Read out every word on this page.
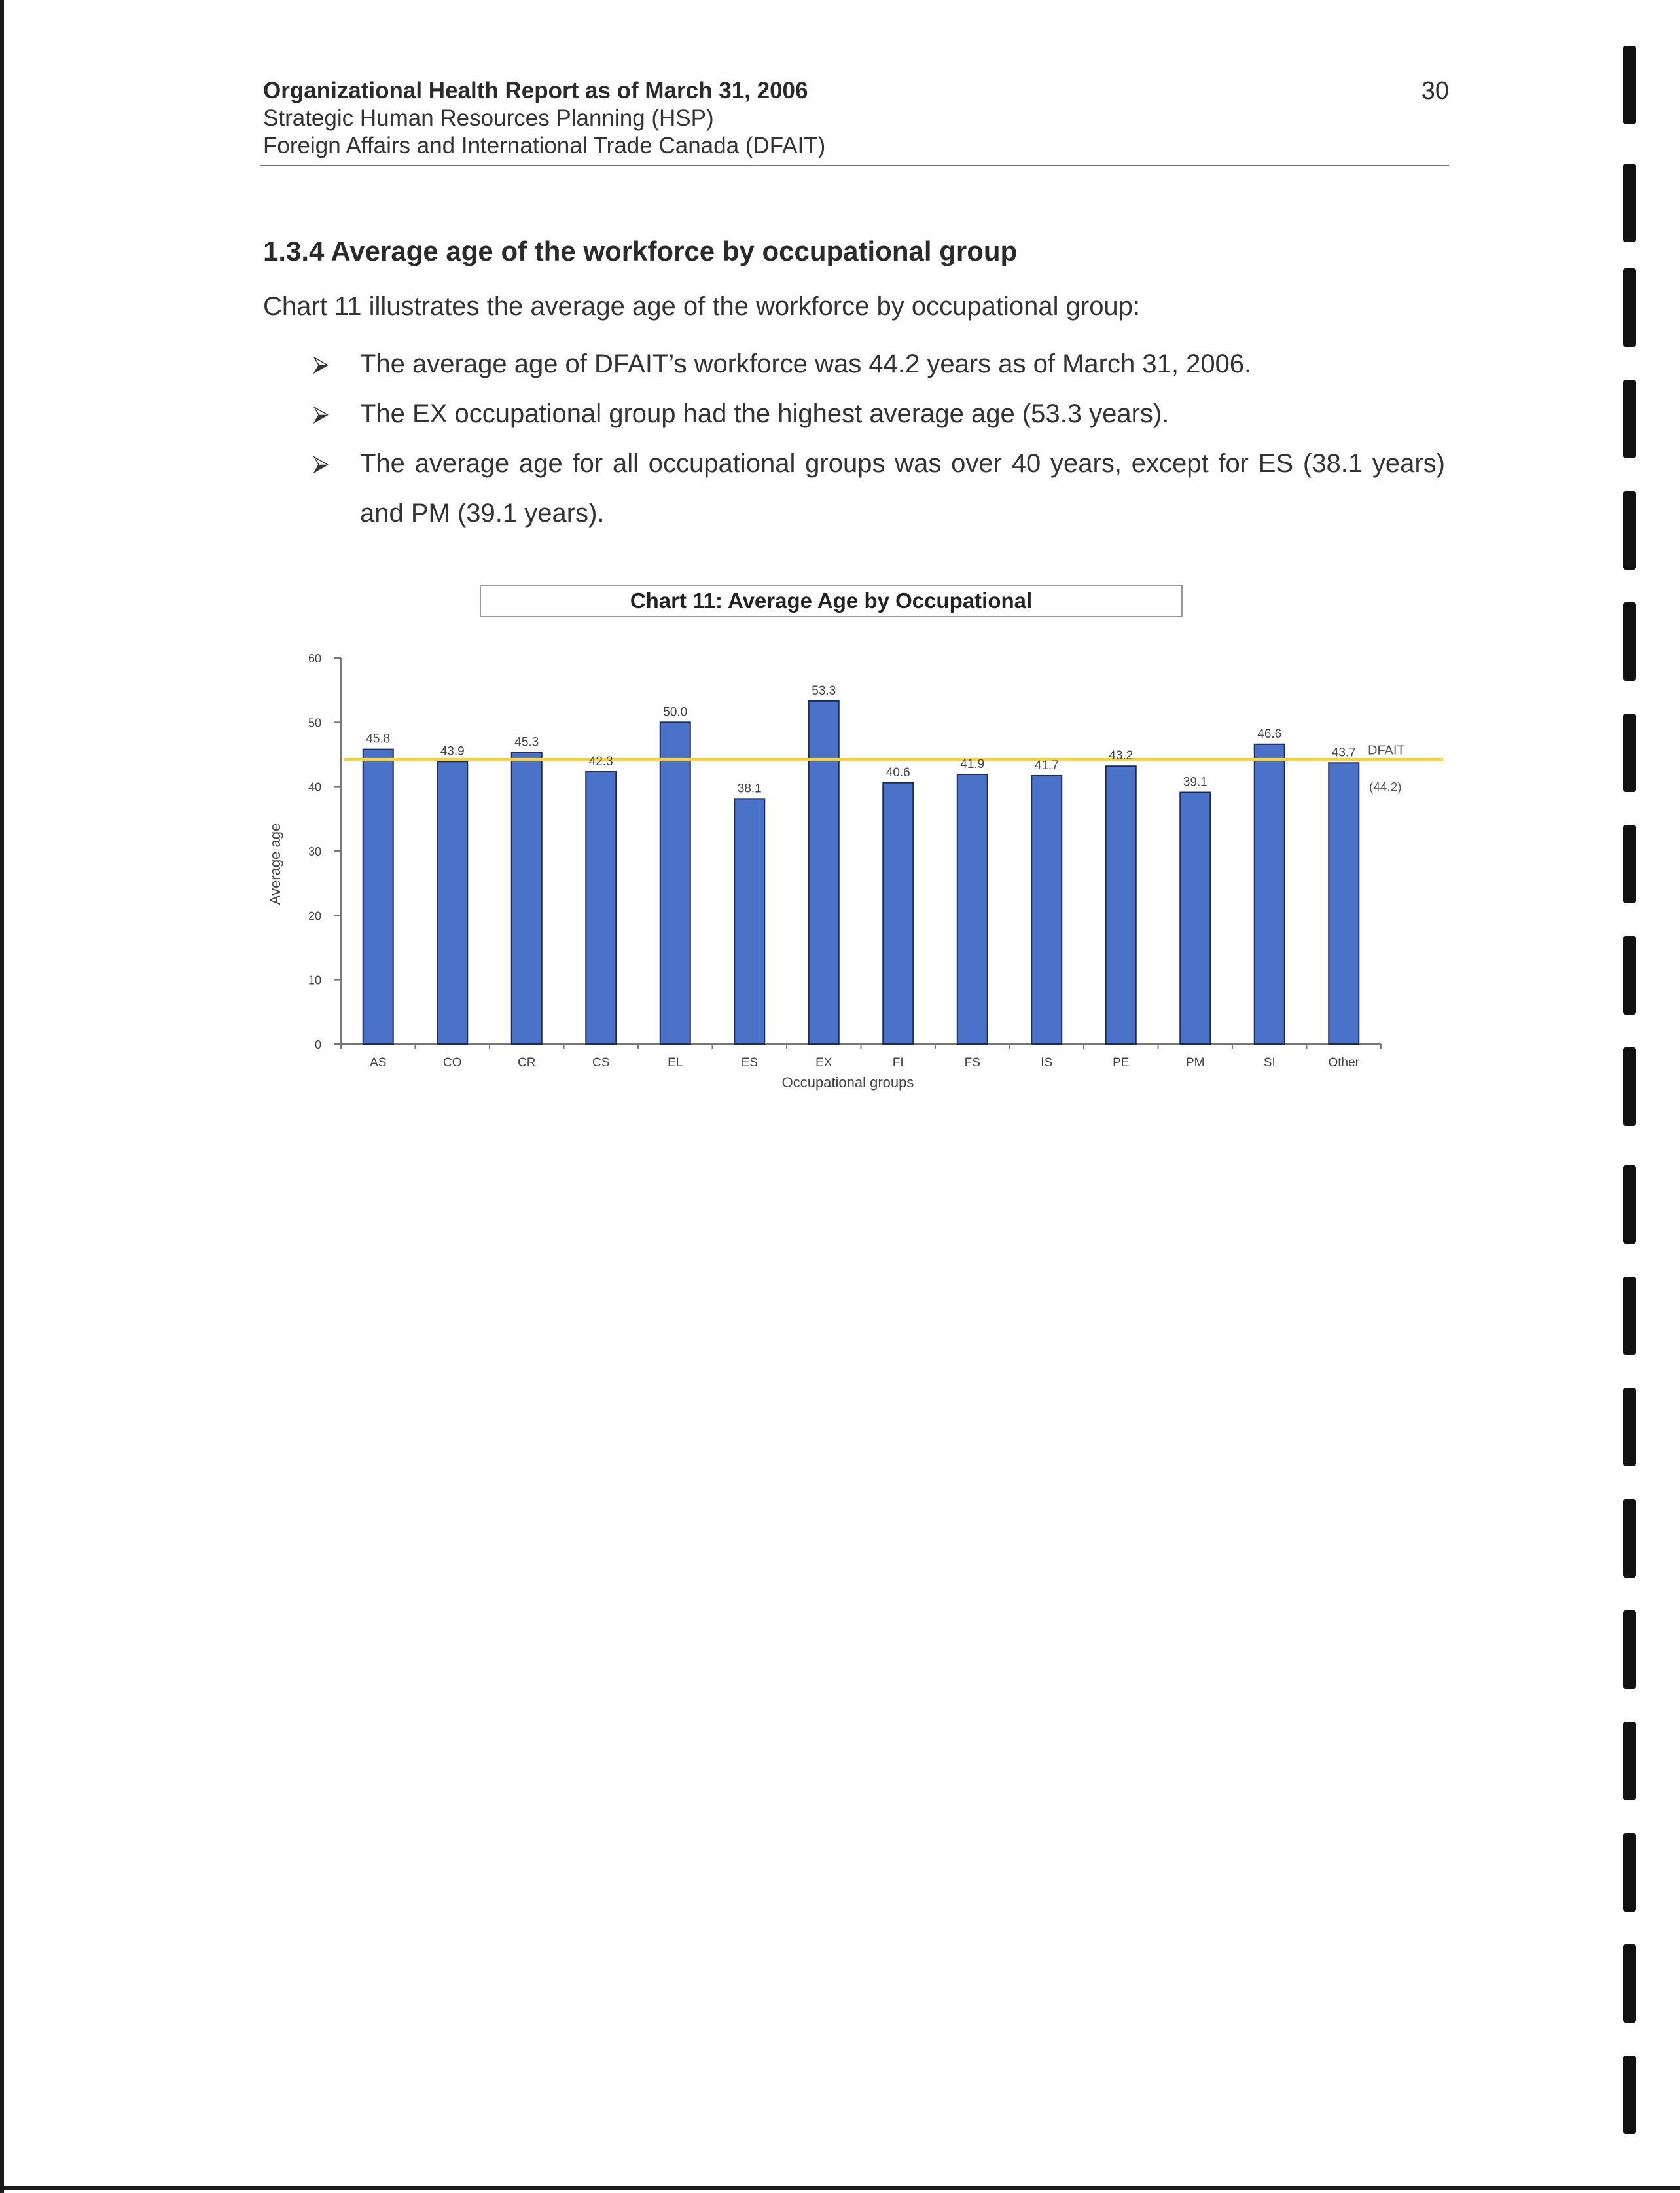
Organizational Health Report as of March 31, 2006
Strategic Human Resources Planning (HSP)
Foreign Affairs and International Trade Canada (DFAIT)
30
1.3.4 Average age of the workforce by occupational group
Chart 11 illustrates the average age of the workforce by occupational group:
⮚ The average age of DFAIT’s workforce was 44.2 years as of March 31, 2006.
⮚ The EX occupational group had the highest average age (53.3 years).
⮚ The average age for all occupational groups was over 40 years, except for ES (38.1 years) and PM (39.1 years).
Chart 11: Average Age by Occupational
0
10
20
30
40
50
60
Average age
45.8
AS
43.9
CO
45.3
CR
42.3
CS
50.0
EL
38.1
ES
53.3
EX
40.6
FI
41.9
FS
41.7
IS
43.2
PE
39.1
PM
46.6
SI
43.7
Other
Occupational groups
DFAIT
(44.2)
